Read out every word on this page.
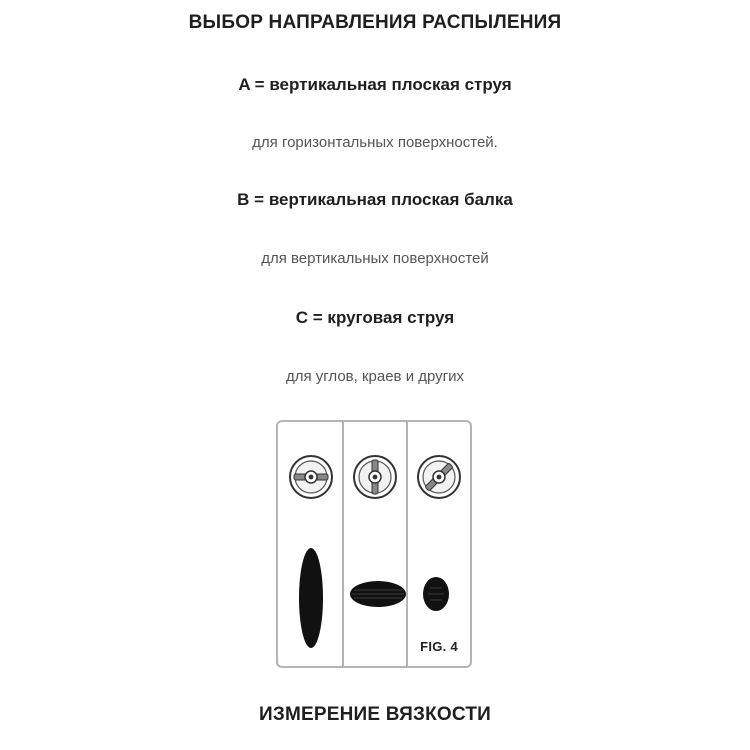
ВЫБОР НАПРАВЛЕНИЯ РАСПЫЛЕНИЯ
A = вертикальная плоская струя
для горизонтальных поверхностей.
B = вертикальная плоская балка
для вертикальных поверхностей
C = круговая струя
для углов, краев и других
FIG. 4
ИЗМЕРЕНИЕ ВЯЗКОСТИ
